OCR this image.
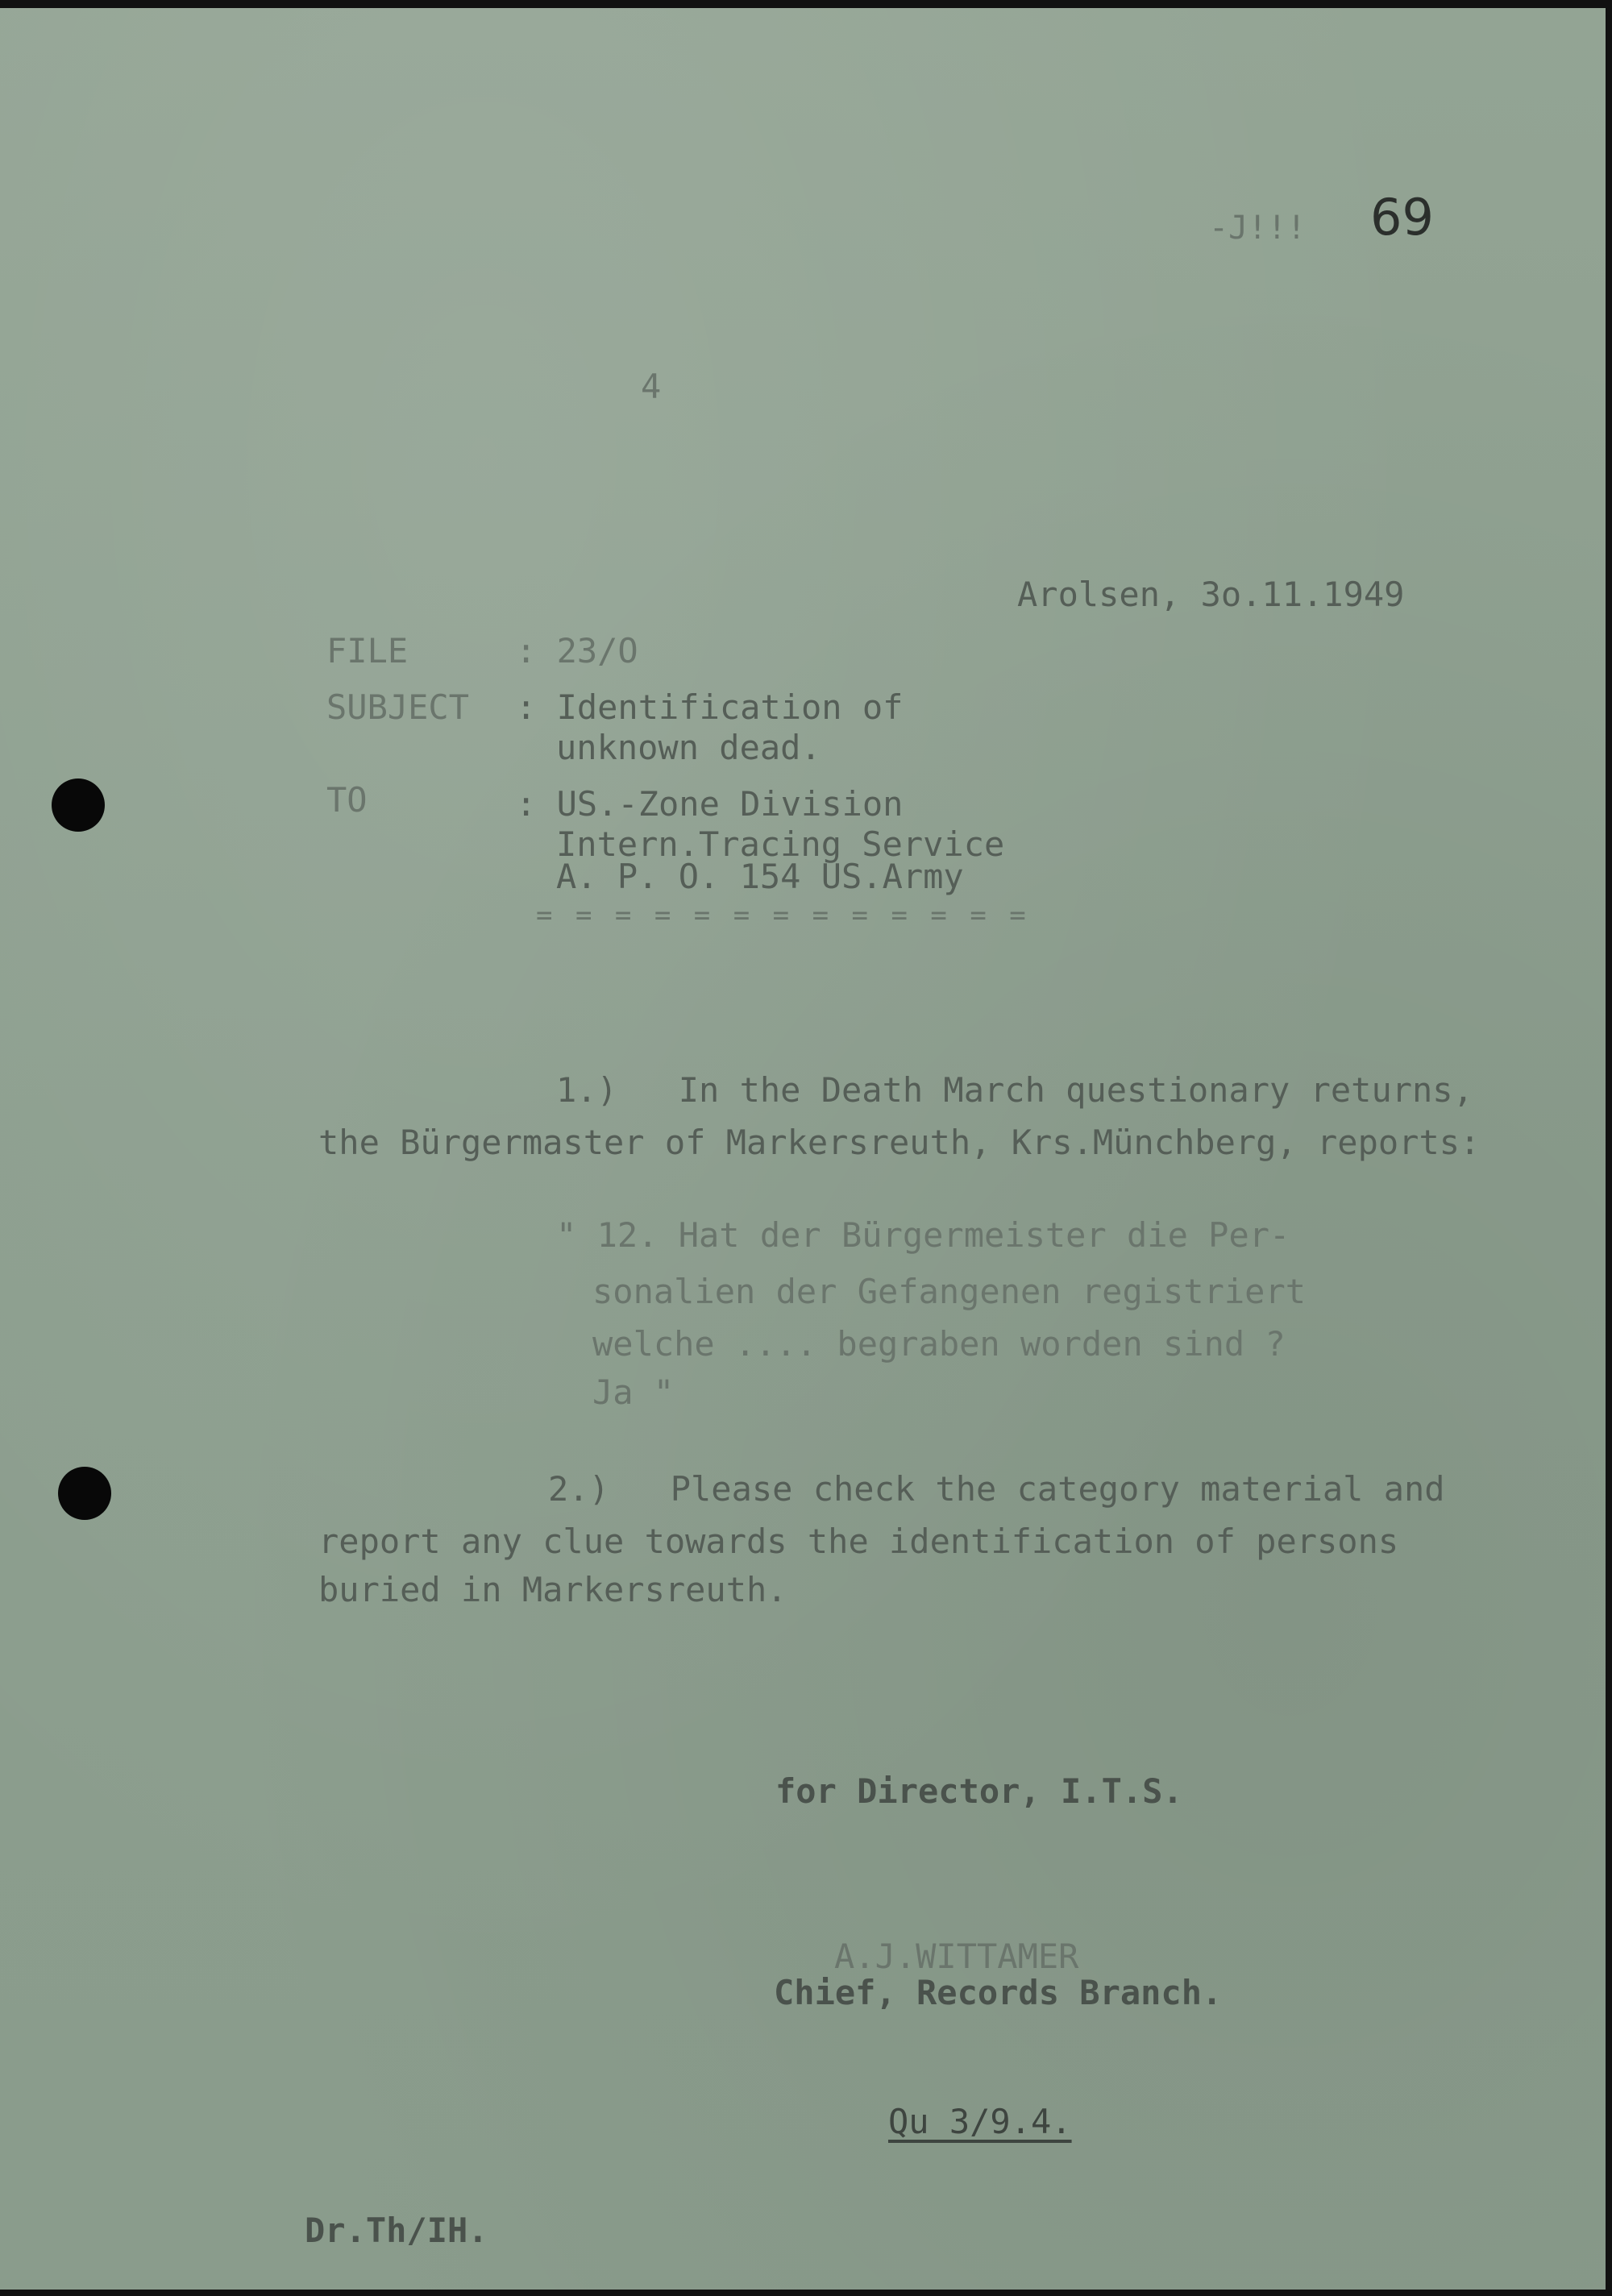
-J!!! 69
4
Arolsen, 3o.11.1949
FILE	: 23/O
SUBJECT : Identification of
unknown dead.
TO	: US.-Zone Division
Intern.Tracing Service
A. P. O. 154 US.Army
= = = = = = = = = = = = =
1.)   In the Death March questionary returns,
the Bürgermaster of Markersreuth, Krs.Münchberg, reports:
" 12. Hat der Bürgermeister die Per-
sonalien der Gefangenen registriert
welche .... begraben worden sind ?
Ja "
2.)   Please check the category material and
report any clue towards the identification of persons
buried in Markersreuth.
for Director, I.T.S.
A.J.WITTAMER
Chief, Records Branch.
Qu 3/9.4.
Dr.Th/IH.
